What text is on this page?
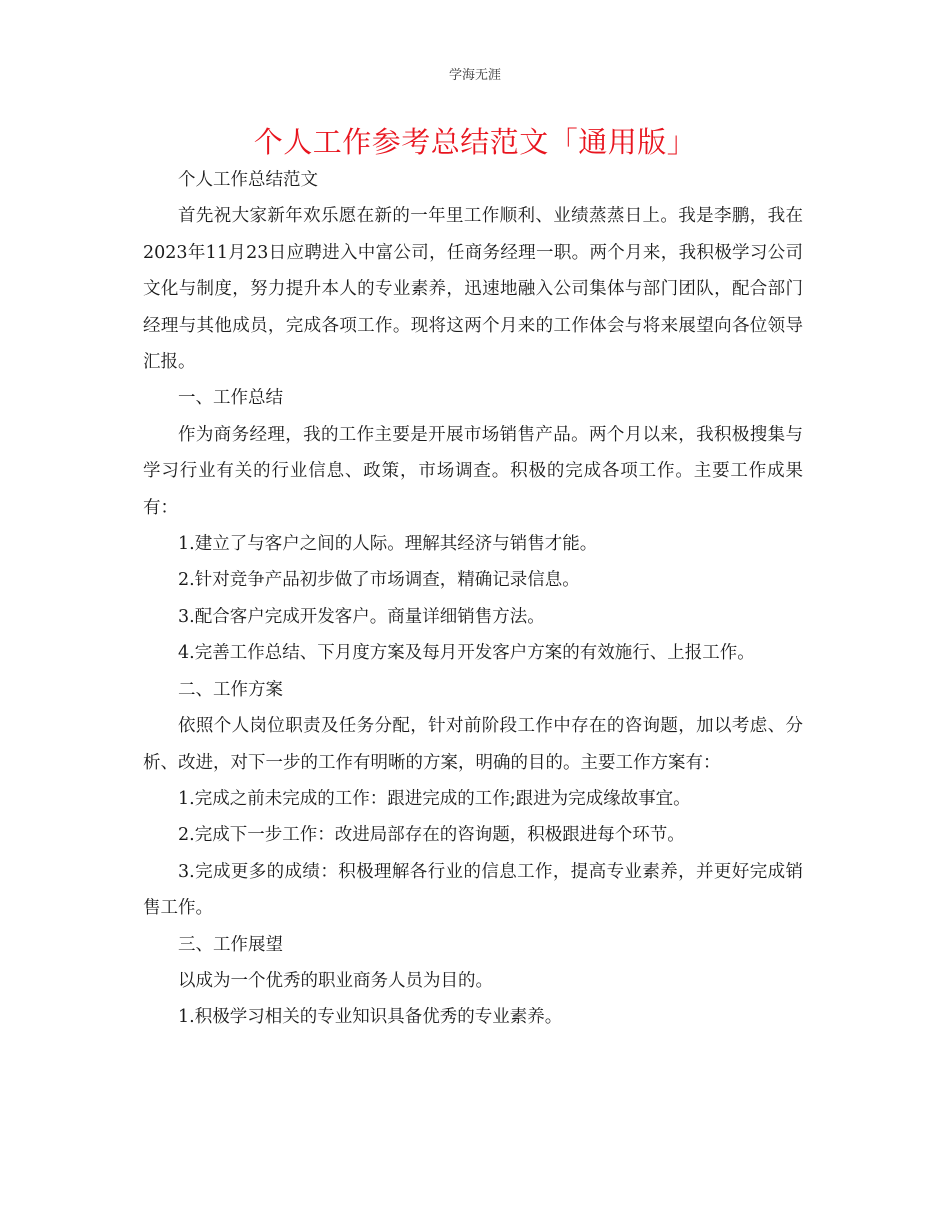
学海无涯
个人工作参考总结范文「通用版」

个人工作总结范文

首先祝大家新年欢乐愿在新的一年里工作顺利、业绩蒸蒸日上。我是李鹏，我在2023年11月23日应聘进入中富公司，任商务经理一职。两个月来，我积极学习公司文化与制度，努力提升本人的专业素养，迅速地融入公司集体与部门团队，配合部门经理与其他成员，完成各项工作。现将这两个月来的工作体会与将来展望向各位领导汇报。

一、工作总结

作为商务经理，我的工作主要是开展市场销售产品。两个月以来，我积极搜集与学习行业有关的行业信息、政策，市场调查。积极的完成各项工作。主要工作成果有：

1.建立了与客户之间的人际。理解其经济与销售才能。

2.针对竞争产品初步做了市场调查，精确记录信息。

3.配合客户完成开发客户。商量详细销售方法。

4.完善工作总结、下月度方案及每月开发客户方案的有效施行、上报工作。

二、工作方案

依照个人岗位职责及任务分配，针对前阶段工作中存在的咨询题，加以考虑、分析、改进，对下一步的工作有明晰的方案，明确的目的。主要工作方案有：

1.完成之前未完成的工作：跟进完成的工作;跟进为完成缘故事宜。

2.完成下一步工作：改进局部存在的咨询题，积极跟进每个环节。

3.完成更多的成绩：积极理解各行业的信息工作，提高专业素养，并更好完成销售工作。

三、工作展望

以成为一个优秀的职业商务人员为目的。

1.积极学习相关的专业知识具备优秀的专业素养。
